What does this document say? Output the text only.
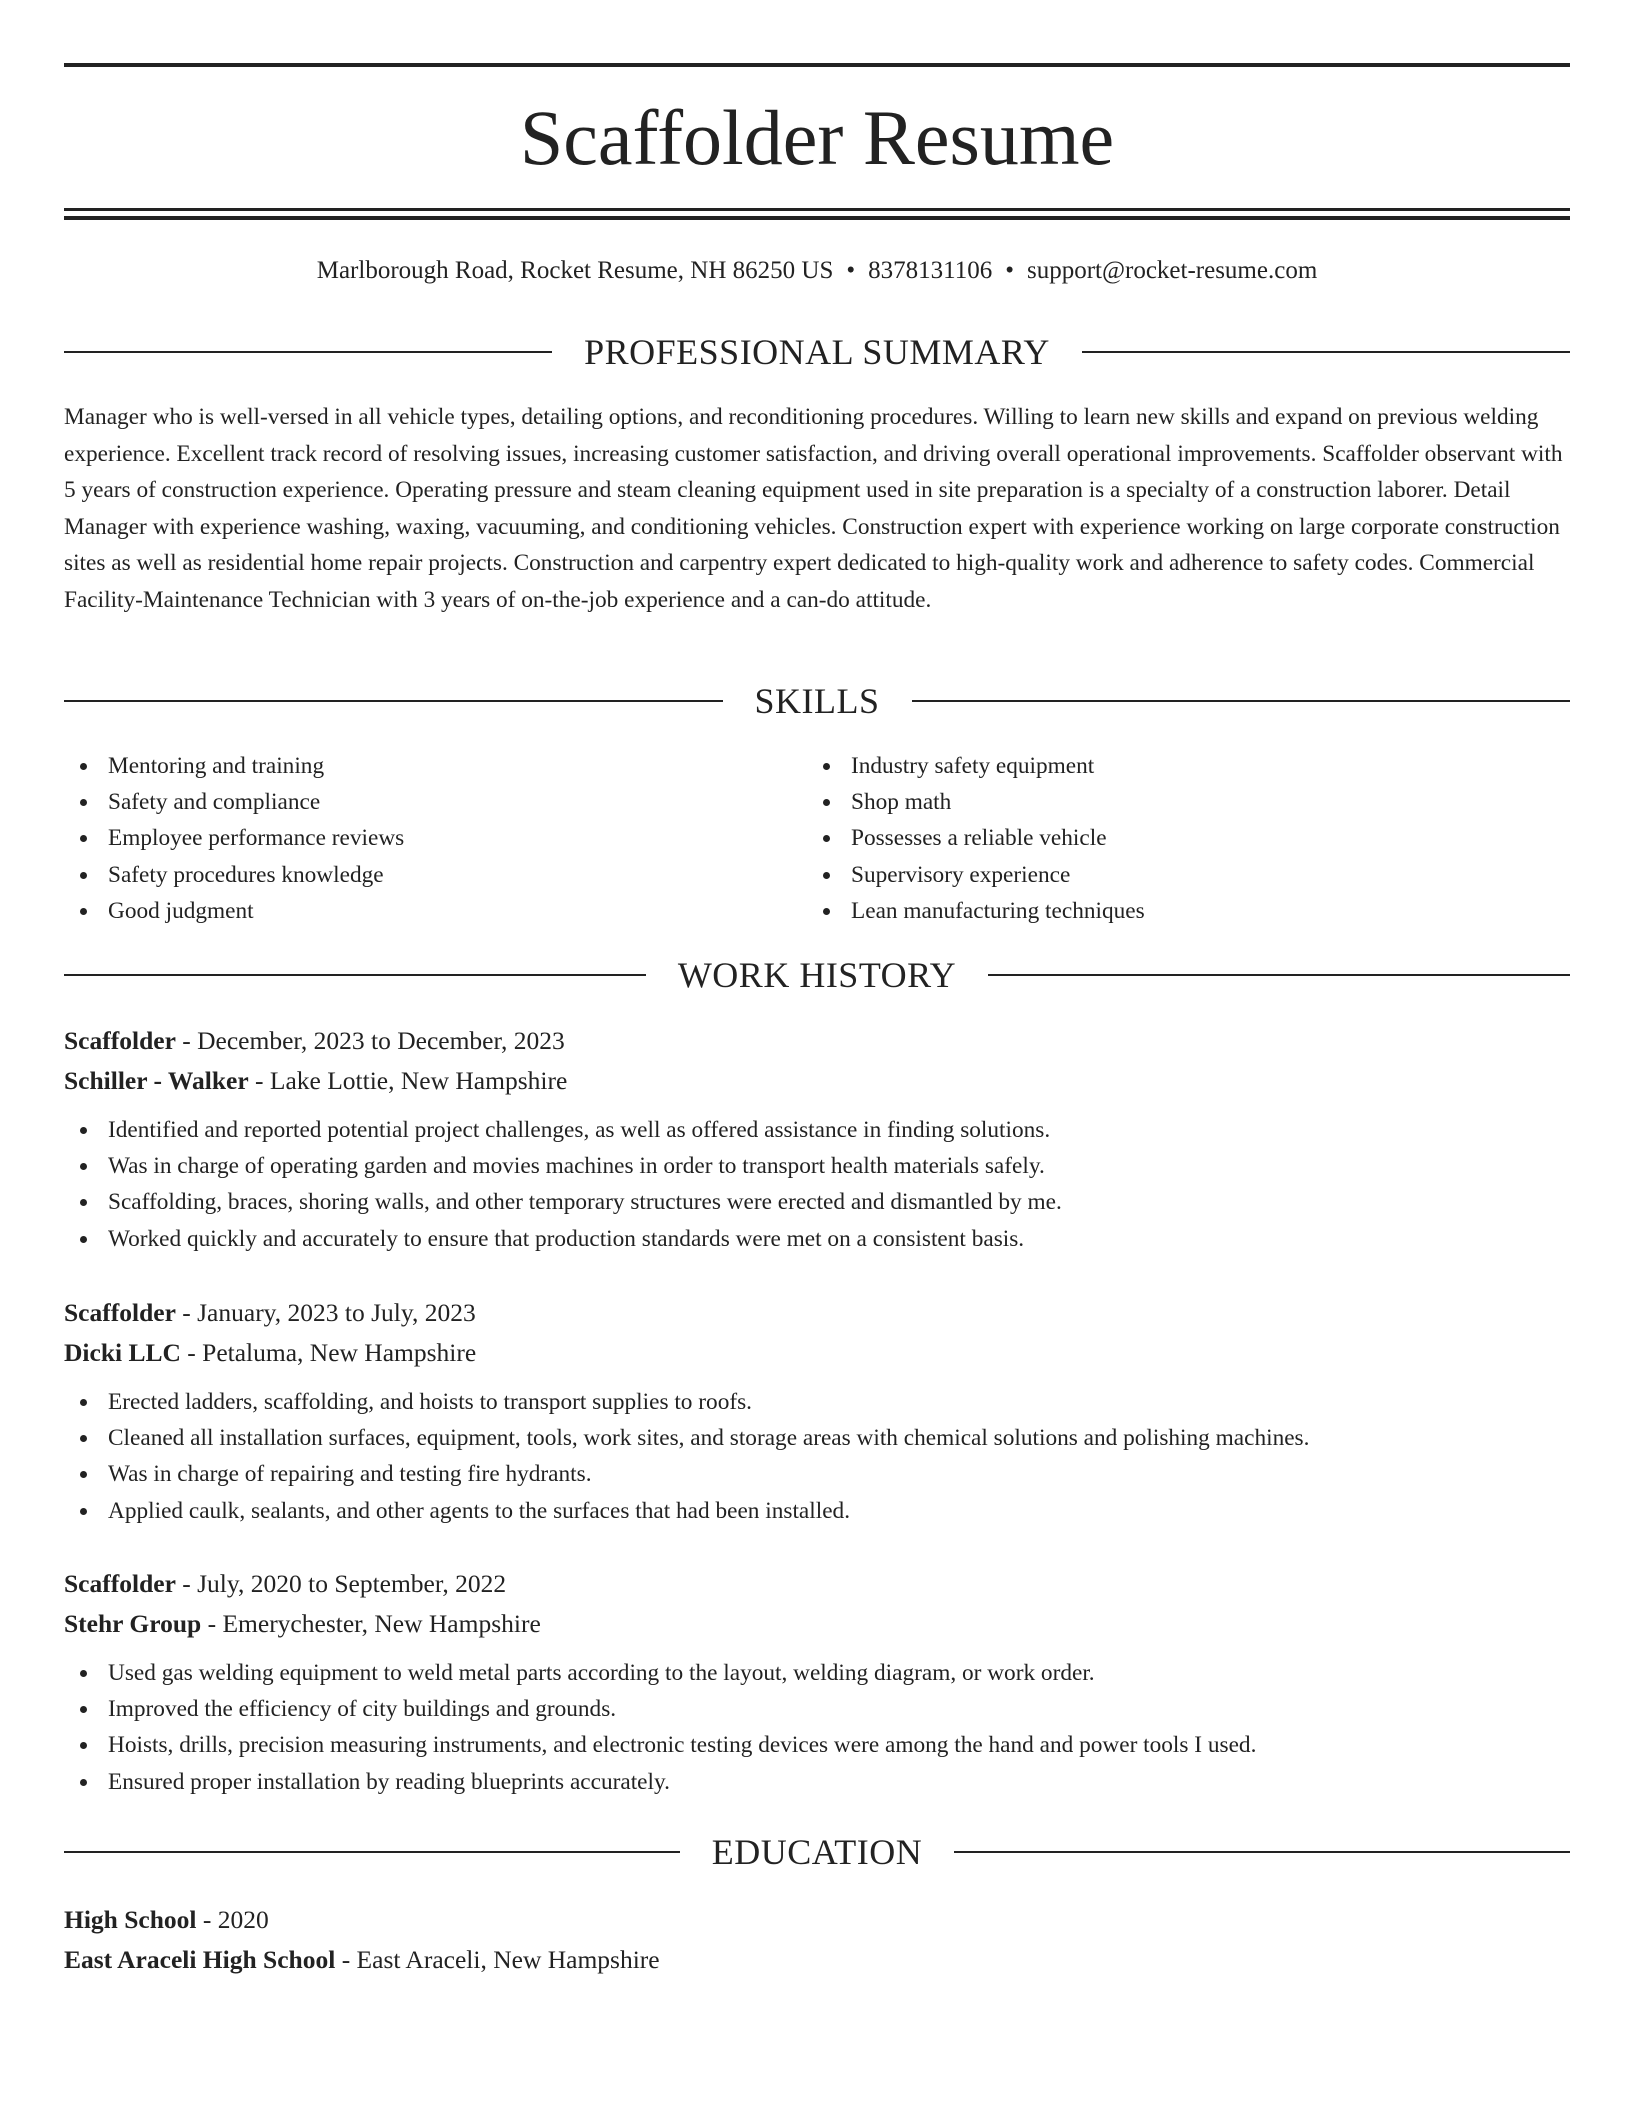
Scaffolder Resume
Marlborough Road, Rocket Resume, NH 86250 US • 8378131106 • support@rocket-resume.com
PROFESSIONAL SUMMARY

Manager who is well-versed in all vehicle types, detailing options, and reconditioning procedures. Willing to learn new skills and expand on previous welding experience. Excellent track record of resolving issues, increasing customer satisfaction, and driving overall operational improvements. Scaffolder observant with 5 years of construction experience. Operating pressure and steam cleaning equipment used in site preparation is a specialty of a construction laborer. Detail Manager with experience washing, waxing, vacuuming, and conditioning vehicles. Construction expert with experience working on large corporate construction sites as well as residential home repair projects. Construction and carpentry expert dedicated to high-quality work and adherence to safety codes. Commercial Facility-Maintenance Technician with 3 years of on-the-job experience and a can-do attitude.

SKILLS
Mentoring and training
Safety and compliance
Employee performance reviews
Safety procedures knowledge
Good judgment
Industry safety equipment
Shop math
Possesses a reliable vehicle
Supervisory experience
Lean manufacturing techniques
WORK HISTORY
Scaffolder - December, 2023 to December, 2023
Schiller - Walker - Lake Lottie, New Hampshire
Identified and reported potential project challenges, as well as offered assistance in finding solutions.
Was in charge of operating garden and movies machines in order to transport health materials safely.
Scaffolding, braces, shoring walls, and other temporary structures were erected and dismantled by me.
Worked quickly and accurately to ensure that production standards were met on a consistent basis.
Scaffolder - January, 2023 to July, 2023
Dicki LLC - Petaluma, New Hampshire
Erected ladders, scaffolding, and hoists to transport supplies to roofs.
Cleaned all installation surfaces, equipment, tools, work sites, and storage areas with chemical solutions and polishing machines.
Was in charge of repairing and testing fire hydrants.
Applied caulk, sealants, and other agents to the surfaces that had been installed.
Scaffolder - July, 2020 to September, 2022
Stehr Group - Emerychester, New Hampshire
Used gas welding equipment to weld metal parts according to the layout, welding diagram, or work order.
Improved the efficiency of city buildings and grounds.
Hoists, drills, precision measuring instruments, and electronic testing devices were among the hand and power tools I used.
Ensured proper installation by reading blueprints accurately.
EDUCATION
High School - 2020
East Araceli High School - East Araceli, New Hampshire
